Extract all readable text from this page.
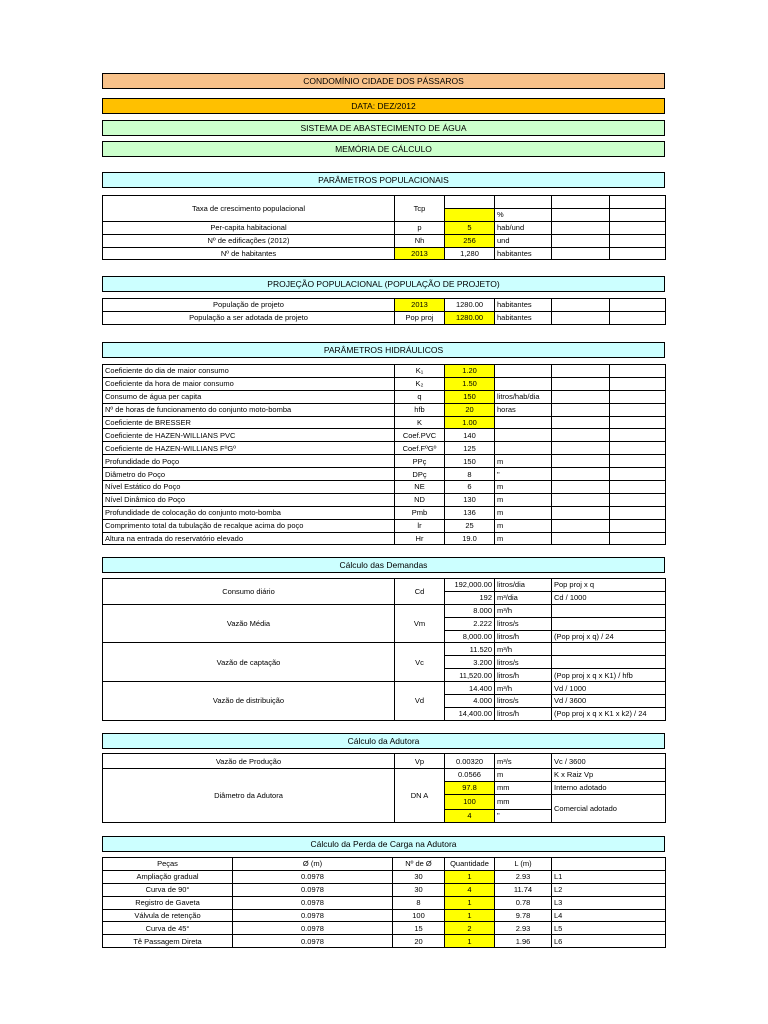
CONDOMÍNIO CIDADE DOS PÁSSAROS
DATA: DEZ/2012
SISTEMA DE ABASTECIMENTO DE ÁGUA
MEMÓRIA DE CÁLCULO
PARÂMETROS POPULACIONAIS
Taxa de crescimento populacional	Tcp				
			%		
Per-capita habitacional	p	5	hab/und		
Nº de edificações (2012)	Nh	256	und		
Nº de habitantes	2013	1,280	habitantes		
PROJEÇÃO POPULACIONAL (POPULAÇÃO DE PROJETO)
População de projeto	2013	1280.00	habitantes		
População a ser adotada de projeto	Pop proj	1280.00	habitantes		
PARÂMETROS HIDRÁULICOS
Coeficiente do dia de maior consumo	K₁	1.20			
Coeficiente da hora de maior consumo	K₂	1.50			
Consumo de água per capita	q	150	litros/hab/dia		
Nº de horas de funcionamento do conjunto moto-bomba	hfb	20	horas		
Coeficiente de BRESSER	K	1.00			
Coeficiente de HAZEN-WILLIANS PVC	Coef.PVC	140			
Coeficiente de HAZEN-WILLIANS FºGº	Coef.FºGº	125			
Profundidade do Poço	PPç	150	m		
Diâmetro do Poço	DPç	8	"		
Nível Estático do Poço	NE	6	m		
Nível Dinâmico do Poço	ND	130	m		
Profundidade de colocação do conjunto moto-bomba	Pmb	136	m		
Comprimento total da tubulação de recalque acima do poço	lr	25	m		
Altura na entrada do reservatório elevado	Hr	19.0	m		
Cálculo das Demandas
Consumo diário	Cd	192,000.00	litros/dia	Pop proj x q
		192	m³/dia	Cd / 1000
Vazão Média	Vm	8.000	m³/h	
		2.222	litros/s	
		8,000.00	litros/h	(Pop proj x q) / 24
Vazão de captação	Vc	11.520	m³/h	
		3.200	litros/s	
		11,520.00	litros/h	(Pop proj x q x K1) / hfb
Vazão de distribuição	Vd	14.400	m³/h	Vd / 1000
		4.000	litros/s	Vd / 3600
		14,400.00	litros/h	(Pop proj x q x K1 x k2) / 24
Cálculo da Adutora
Vazão de Produção	Vp	0.00320	m³/s	Vc / 3600
Diâmetro da Adutora	DN A	0.0566	m	K x Raiz Vp
		97.8	mm	Interno adotado
		100	mm	Comercial adotado
		4	"	
Cálculo da Perda de Carga na Adutora
Peças	Ø (m)	Nº de Ø	Quantidade	L (m)	
Ampliação gradual	0.0978	30	1	2.93	L1
Curva de 90°	0.0978	30	4	11.74	L2
Registro de Gaveta	0.0978	8	1	0.78	L3
Válvula de retenção	0.0978	100	1	9.78	L4
Curva de 45°	0.0978	15	2	2.93	L5
Tê Passagem Direta	0.0978	20	1	1.96	L6
